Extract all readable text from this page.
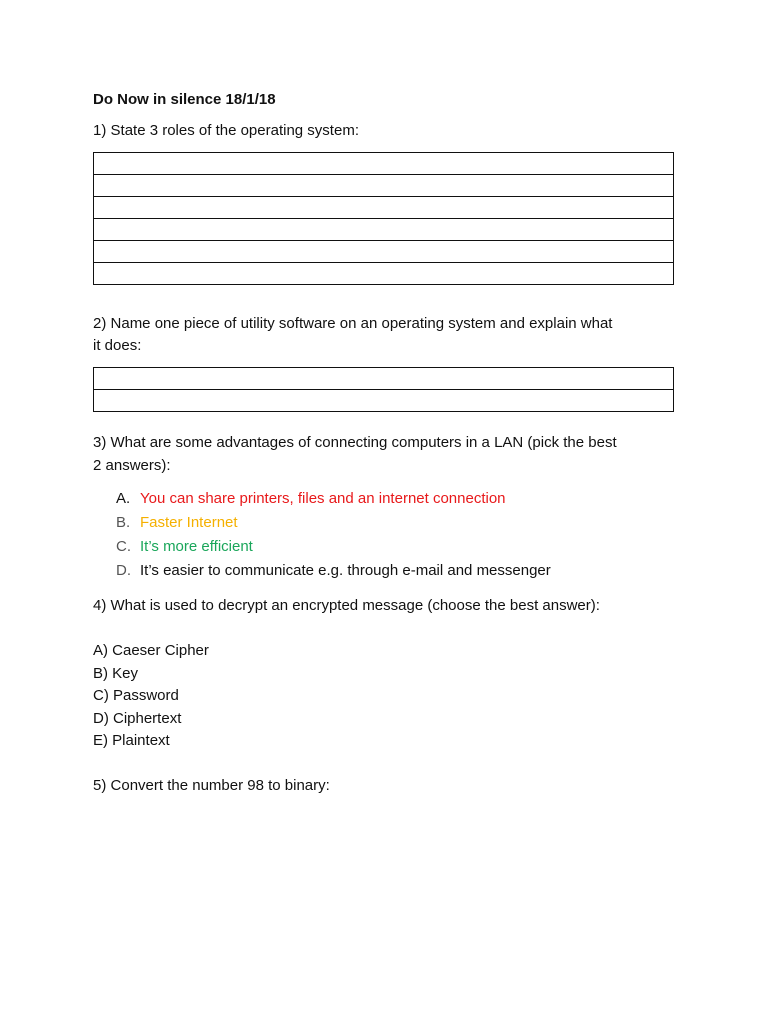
Do Now in silence 18/1/18
1) State 3 roles of the operating system:
2) Name one piece of utility software on an operating system and explain what
it does:
3) What are some advantages of connecting computers in a LAN (pick the best
2 answers):
A. You can share printers, files and an internet connection
B. Faster Internet
C. It’s more efficient
D. It’s easier to communicate e.g. through e-mail and messenger
4) What is used to decrypt an encrypted message (choose the best answer):
A) Caeser Cipher
B) Key
C) Password
D) Ciphertext
E) Plaintext
5) Convert the number 98 to binary:
